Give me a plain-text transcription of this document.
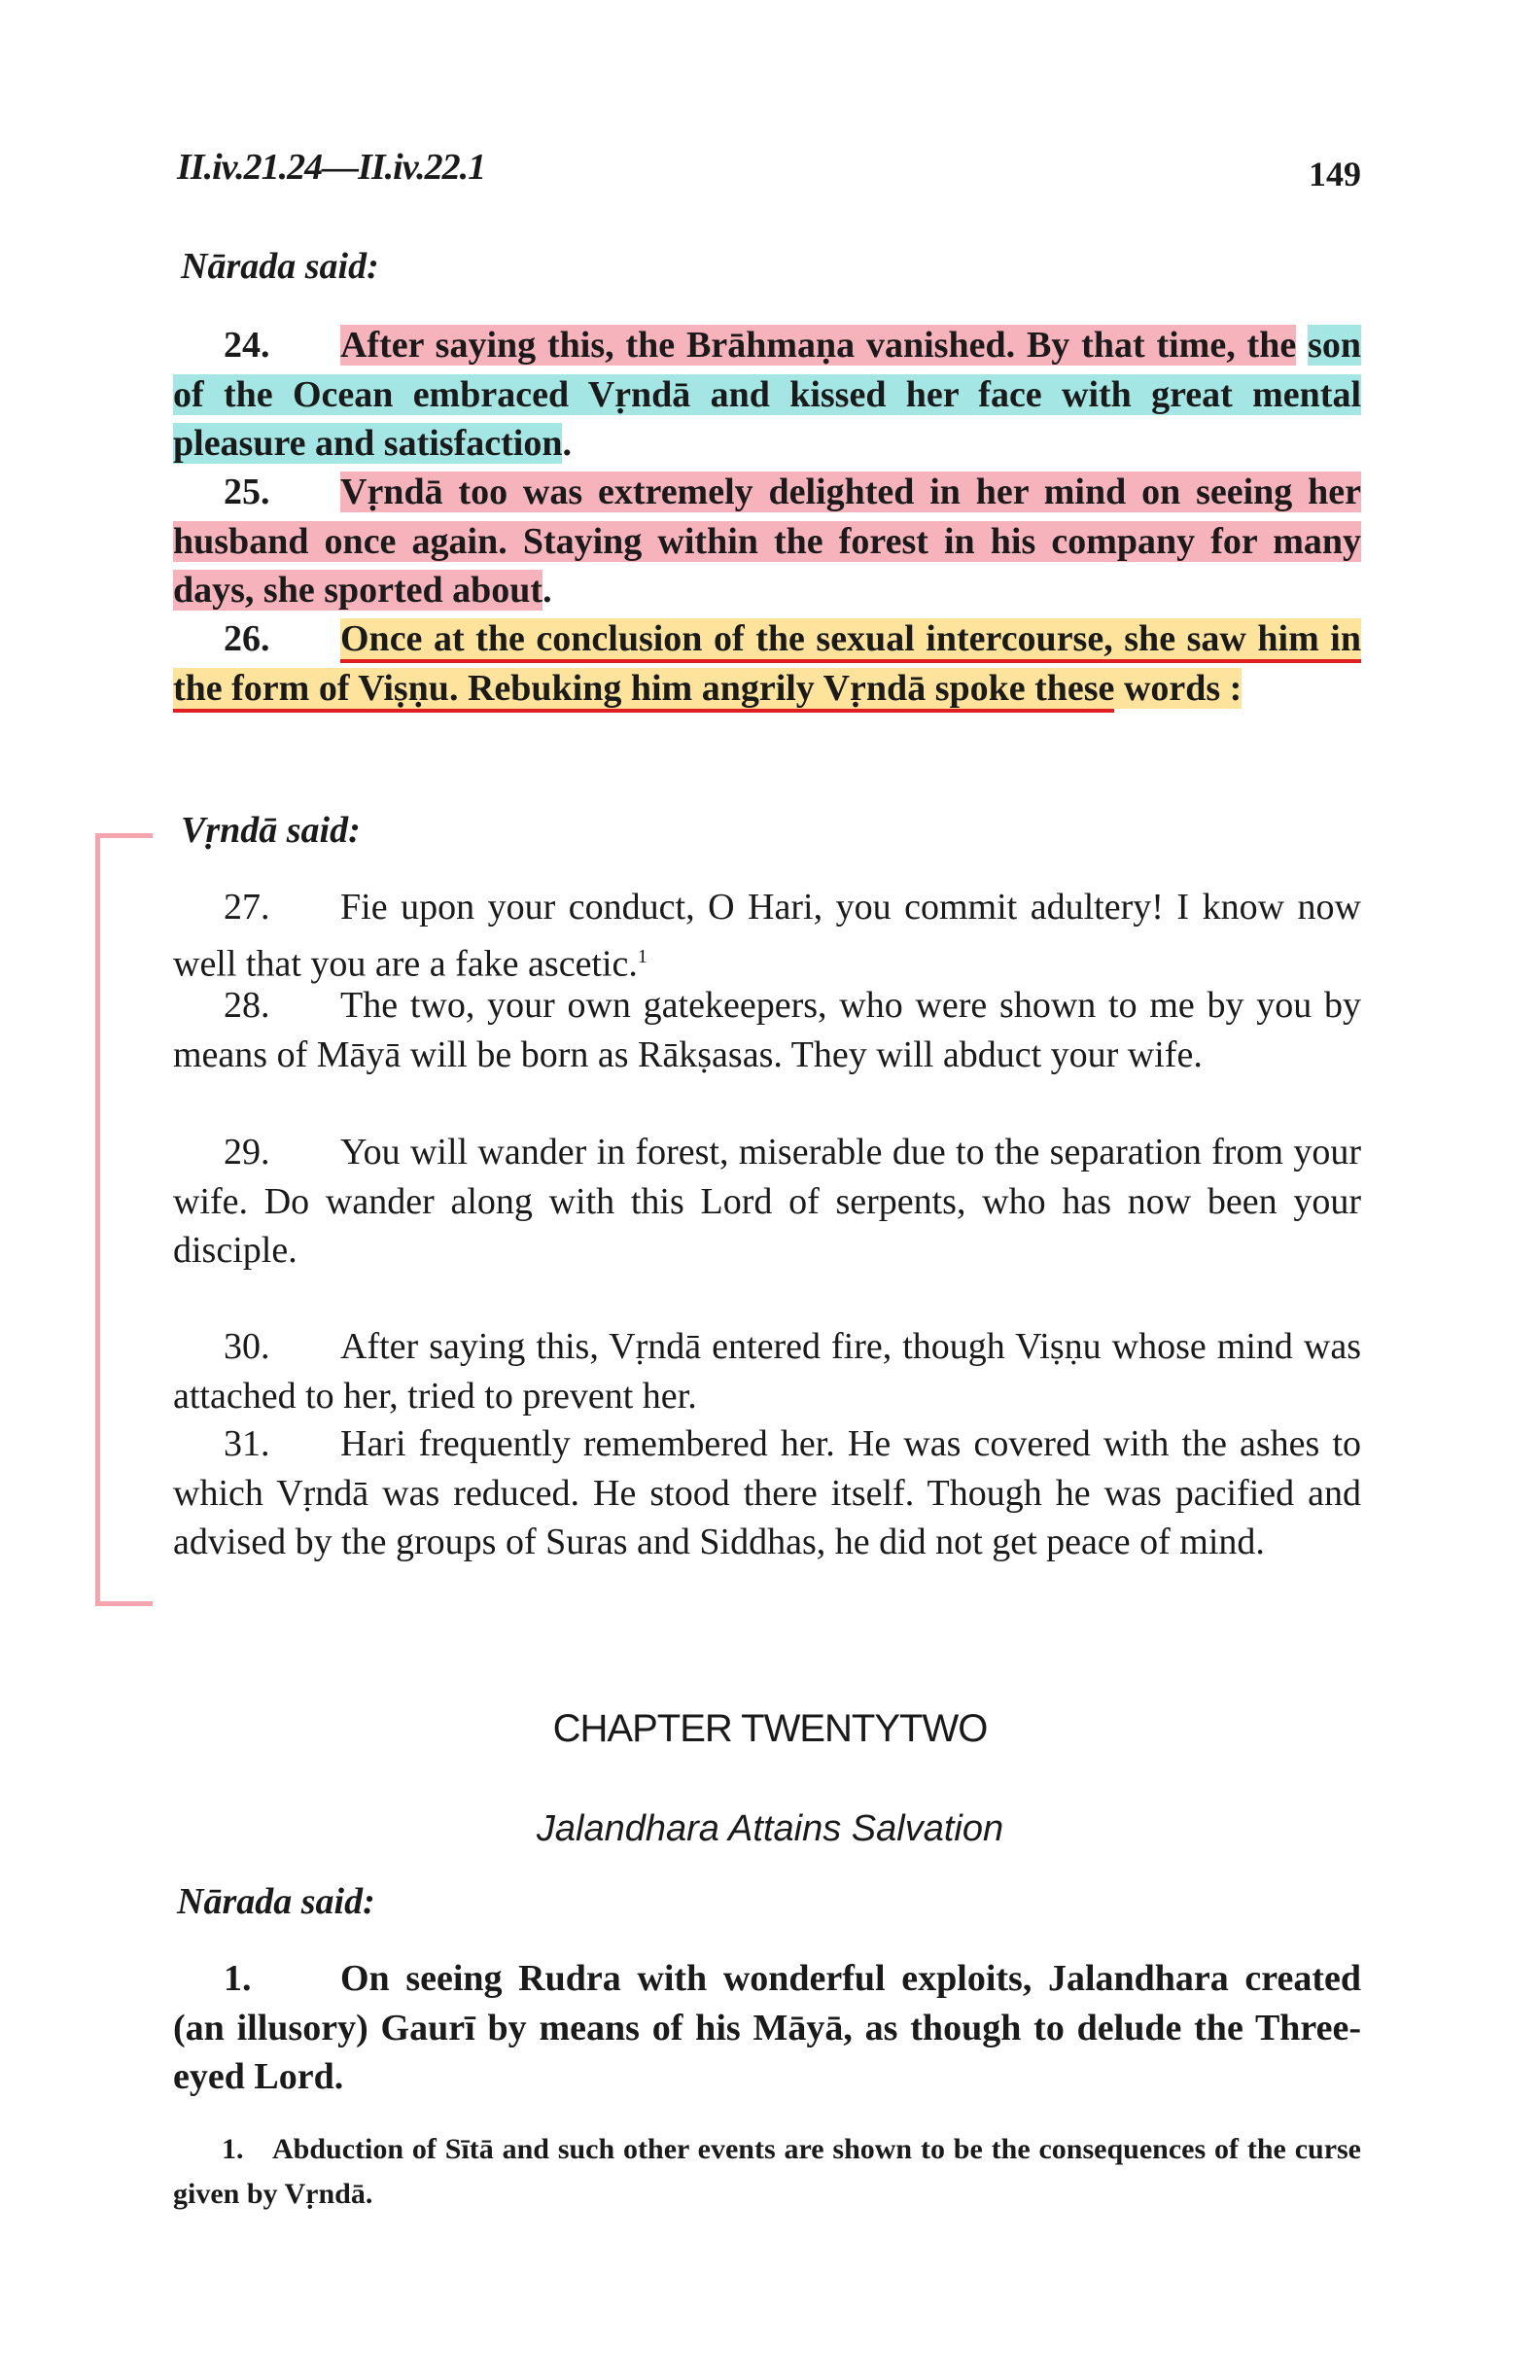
II.iv.21.24—II.iv.22.1	149
Nārada said:
24. After saying this, the Brāhmaṇa vanished. By that time, the son of the Ocean embraced Vṛndā and kissed her face with great mental pleasure and satisfaction.
25. Vṛndā too was extremely delighted in her mind on seeing her husband once again. Staying within the forest in his company for many days, she sported about.
26. Once at the conclusion of the sexual intercourse, she saw him in the form of Viṣṇu. Rebuking him angrily Vṛndā spoke these words :
Vṛndā said:
27. Fie upon your conduct, O Hari, you commit adultery! I know now well that you are a fake ascetic.$^1$
28. The two, your own gatekeepers, who were shown to me by you by means of Māyā will be born as Rākṣasas. They will abduct your wife.
29. You will wander in forest, miserable due to the separation from your wife. Do wander along with this Lord of serpents, who has now been your disciple.
30. After saying this, Vṛndā entered fire, though Viṣṇu whose mind was attached to her, tried to prevent her.
31. Hari frequently remembered her. He was covered with the ashes to which Vṛndā was reduced. He stood there itself. Though he was pacified and advised by the groups of Suras and Siddhas, he did not get peace of mind.
CHAPTER TWENTYTWO
Jalandhara Attains Salvation
Nārada said:
1. On seeing Rudra with wonderful exploits, Jalandhara created (an illusory) Gaurī by means of his Māyā, as though to delude the Three-eyed Lord.
1. Abduction of Sītā and such other events are shown to be the consequences of the curse given by Vṛndā.
